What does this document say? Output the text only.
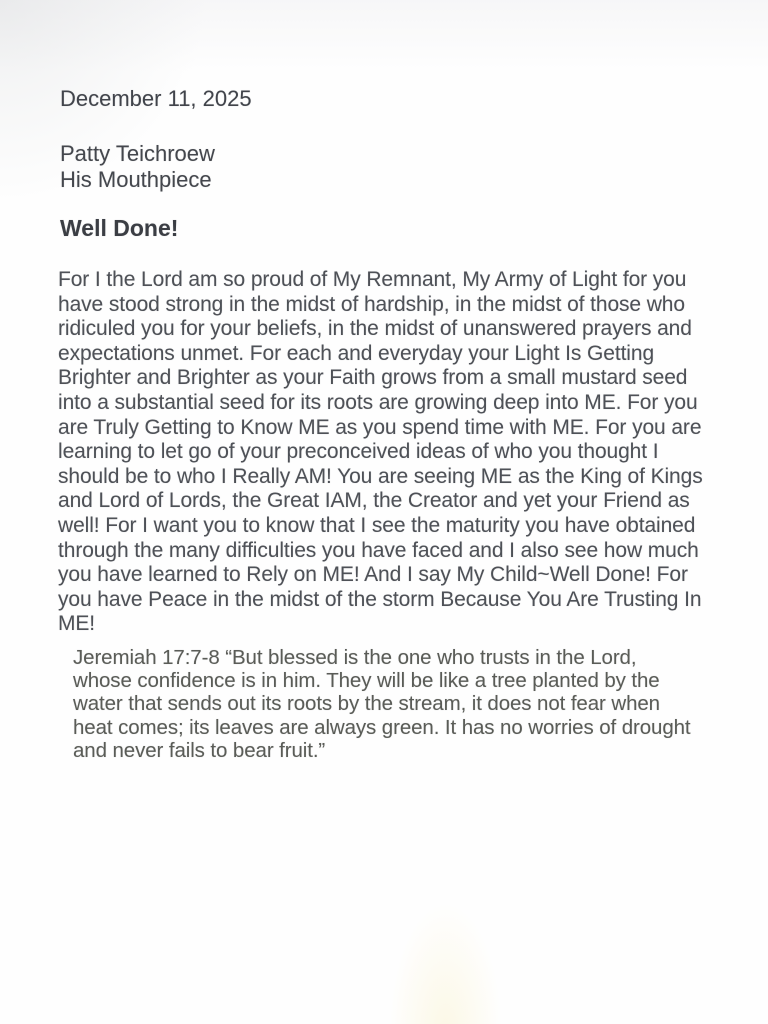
December 11, 2025
Patty Teichroew
His Mouthpiece
Well Done!
For I the Lord am so proud of My Remnant, My Army of Light for you
have stood strong in the midst of hardship, in the midst of those who
ridiculed you for your beliefs, in the midst of unanswered prayers and
expectations unmet. For each and everyday your Light Is Getting
Brighter and Brighter as your Faith grows from a small mustard seed
into a substantial seed for its roots are growing deep into ME. For you
are Truly Getting to Know ME as you spend time with ME. For you are
learning to let go of your preconceived ideas of who you thought I
should be to who I Really AM! You are seeing ME as the King of Kings
and Lord of Lords, the Great IAM, the Creator and yet your Friend as
well! For I want you to know that I see the maturity you have obtained
through the many difficulties you have faced and I also see how much
you have learned to Rely on ME! And I say My Child~Well Done! For
you have Peace in the midst of the storm Because You Are Trusting In
ME!
Jeremiah 17:7-8 “But blessed is the one who trusts in the Lord,
whose confidence is in him. They will be like a tree planted by the
water that sends out its roots by the stream, it does not fear when
heat comes; its leaves are always green. It has no worries of drought
and never fails to bear fruit.”
